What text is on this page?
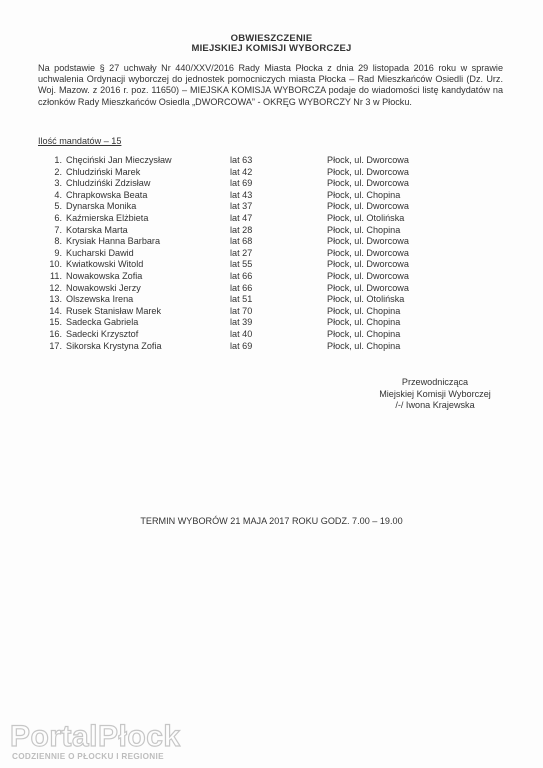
OBWIESZCZENIE
MIEJSKIEJ KOMISJI WYBORCZEJ
Na podstawie § 27 uchwały Nr 440/XXV/2016 Rady Miasta Płocka z dnia 29 listopada 2016 roku w sprawie uchwalenia Ordynacji wyborczej do jednostek pomocniczych miasta Płocka – Rad Mieszkańców Osiedli (Dz. Urz. Woj. Mazow. z 2016 r. poz. 11650) – MIEJSKA KOMISJA WYBORCZA podaje do wiadomości listę kandydatów na członków Rady Mieszkańców Osiedla „DWORCOWA” - OKRĘG WYBORCZY Nr 3 w Płocku.
Ilość mandatów – 15
1. Chęciński Jan Mieczysław	lat 63	Płock, ul. Dworcowa
2. Chludziński Marek	lat 42	Płock, ul. Dworcowa
3. Chludzińśki Zdzisław	lat 69	Płock, ul. Dworcowa
4. Chrapkowska Beata	lat 43	Płock, ul. Chopina
5. Dynarska Monika	lat 37	Płock, ul. Dworcowa
6. Kaźmierska Elżbieta	lat 47	Płock, ul. Otolińska
7. Kotarska Marta	lat 28	Płock, ul. Chopina
8. Krysiak Hanna Barbara	lat 68	Płock, ul. Dworcowa
9. Kucharski Dawid	lat 27	Płock, ul. Dworcowa
10. Kwiatkowski Witold	lat 55	Płock, ul. Dworcowa
11. Nowakowska Zofia	lat 66	Płock, ul. Dworcowa
12. Nowakowski Jerzy	lat 66	Płock, ul. Dworcowa
13. Olszewska Irena	lat 51	Płock, ul. Otolińska
14. Rusek Stanisław Marek	lat 70	Płock, ul. Chopina
15. Sadecka Gabriela	lat 39	Płock, ul. Chopina
16. Sadecki Krzysztof	lat 40	Płock, ul. Chopina
17. Sikorska Krystyna Zofia	lat 69	Płock, ul. Chopina
Przewodnicząca
Miejskiej Komisji Wyborczej
/-/ Iwona Krajewska
TERMIN WYBORÓW 21 MAJA 2017 ROKU GODZ. 7.00 – 19.00
PortalPłock
CODZIENNIE O PŁOCKU I REGIONIE
